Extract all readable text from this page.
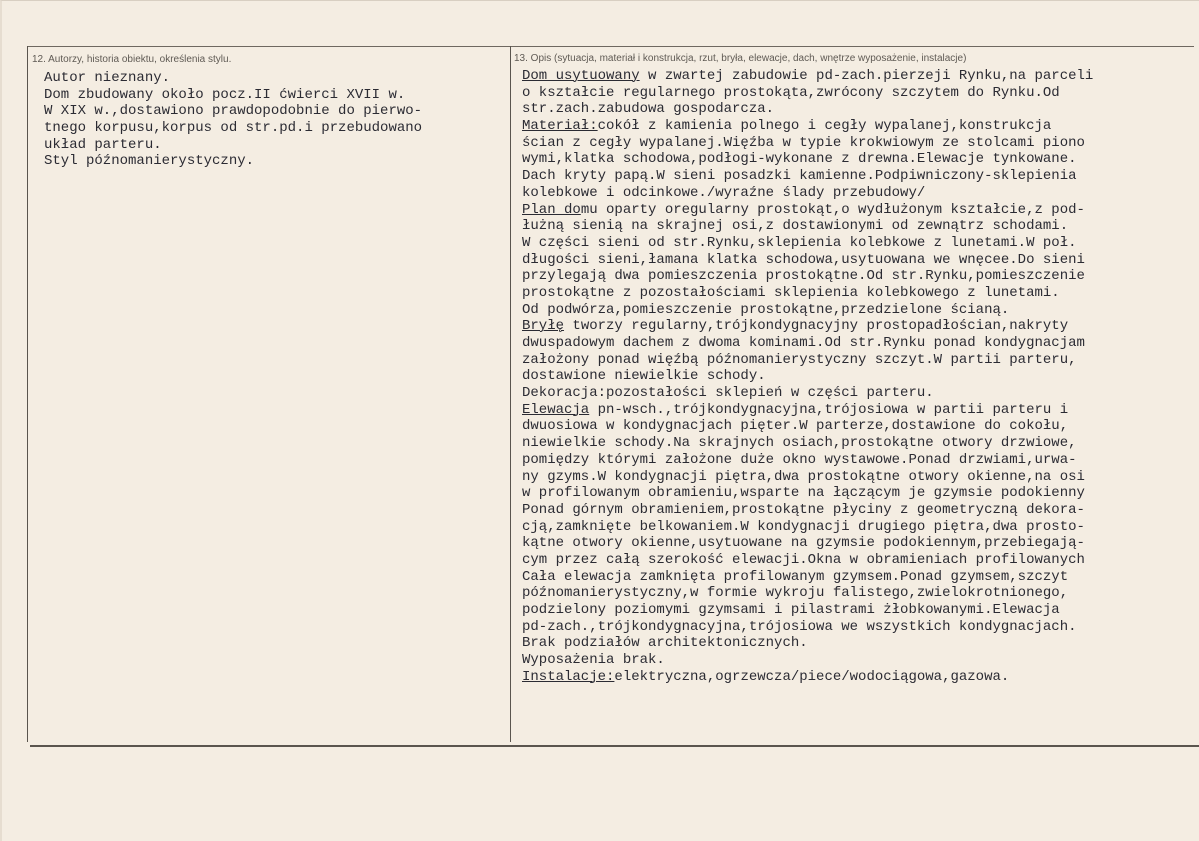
12. Autorzy, historia obiektu, określenia stylu.	13. Opis (sytuacja, materiał i konstrukcja, rzut, bryła, elewacje, dach, wnętrze wyposażenie, instalacje)
Autor nieznany.
Dom zbudowany około pocz.II ćwierci XVII w.
W XIX w.,dostawiono prawdopodobnie do pierwo-
tnego korpusu,korpus od str.pd.i przebudowano
układ parteru.
Styl późnomanierystyczny.
Dom usytuowany w zwartej zabudowie pd-zach.pierzeji Rynku,na parceli
o kształcie regularnego prostokąta,zwrócony szczytem do Rynku.Od
str.zach.zabudowa gospodarcza.
Materiał:cokół z kamienia polnego i cegły wypalanej,konstrukcja
ścian z cegły wypalanej.Więźba w typie krokwiowym ze stolcami piono
wymi,klatka schodowa,podłogi-wykonane z drewna.Elewacje tynkowane.
Dach kryty papą.W sieni posadzki kamienne.Podpiwniczony-sklepienia
kolebkowe i odcinkowe./wyraźne ślady przebudowy/
Plan domu oparty oregularny prostokąt,o wydłużonym kształcie,z pod-
łużną sienią na skrajnej osi,z dostawionymi od zewnątrz schodami.
W części sieni od str.Rynku,sklepienia kolebkowe z lunetami.W poł.
długości sieni,łamana klatka schodowa,usytuowana we wnęcee.Do sieni
przylegają dwa pomieszczenia prostokątne.Od str.Rynku,pomieszczenie
prostokątne z pozostałościami sklepienia kolebkowego z lunetami.
Od podwórza,pomieszczenie prostokątne,przedzielone ścianą.
Bryłę tworzy regularny,trójkondygnacyjny prostopadłościan,nakryty
dwuspadowym dachem z dwoma kominami.Od str.Rynku ponad kondygnacjam
założony ponad więźbą późnomanierystyczny szczyt.W partii parteru,
dostawione niewielkie schody.
Dekoracja:pozostałości sklepień w części parteru.
Elewacja pn-wsch.,trójkondygnacyjna,trójosiowa w partii parteru i
dwuosiowa w kondygnacjach pięter.W parterze,dostawione do cokołu,
niewielkie schody.Na skrajnych osiach,prostokątne otwory drzwiowe,
pomiędzy którymi założone duże okno wystawowe.Ponad drzwiami,urwa-
ny gzyms.W kondygnacji piętra,dwa prostokątne otwory okienne,na osi
w profilowanym obramieniu,wsparte na łączącym je gzymsie podokienny
Ponad górnym obramieniem,prostokątne płyciny z geometryczną dekora-
cją,zamknięte belkowaniem.W kondygnacji drugiego piętra,dwa prosto-
kątne otwory okienne,usytuowane na gzymsie podokiennym,przebiegają-
cym przez całą szerokość elewacji.Okna w obramieniach profilowanych
Cała elewacja zamknięta profilowanym gzymsem.Ponad gzymsem,szczyt
późnomanierystyczny,w formie wykroju falistego,zwielokrotnionego,
podzielony poziomymi gzymsami i pilastrami żłobkowanymi.Elewacja
pd-zach.,trójkondygnacyjna,trójosiowa we wszystkich kondygnacjach.
Brak podziałów architektonicznych.
Wyposażenia brak.
Instalacje:elektryczna,ogrzewcza/piece/wodociągowa,gazowa.
